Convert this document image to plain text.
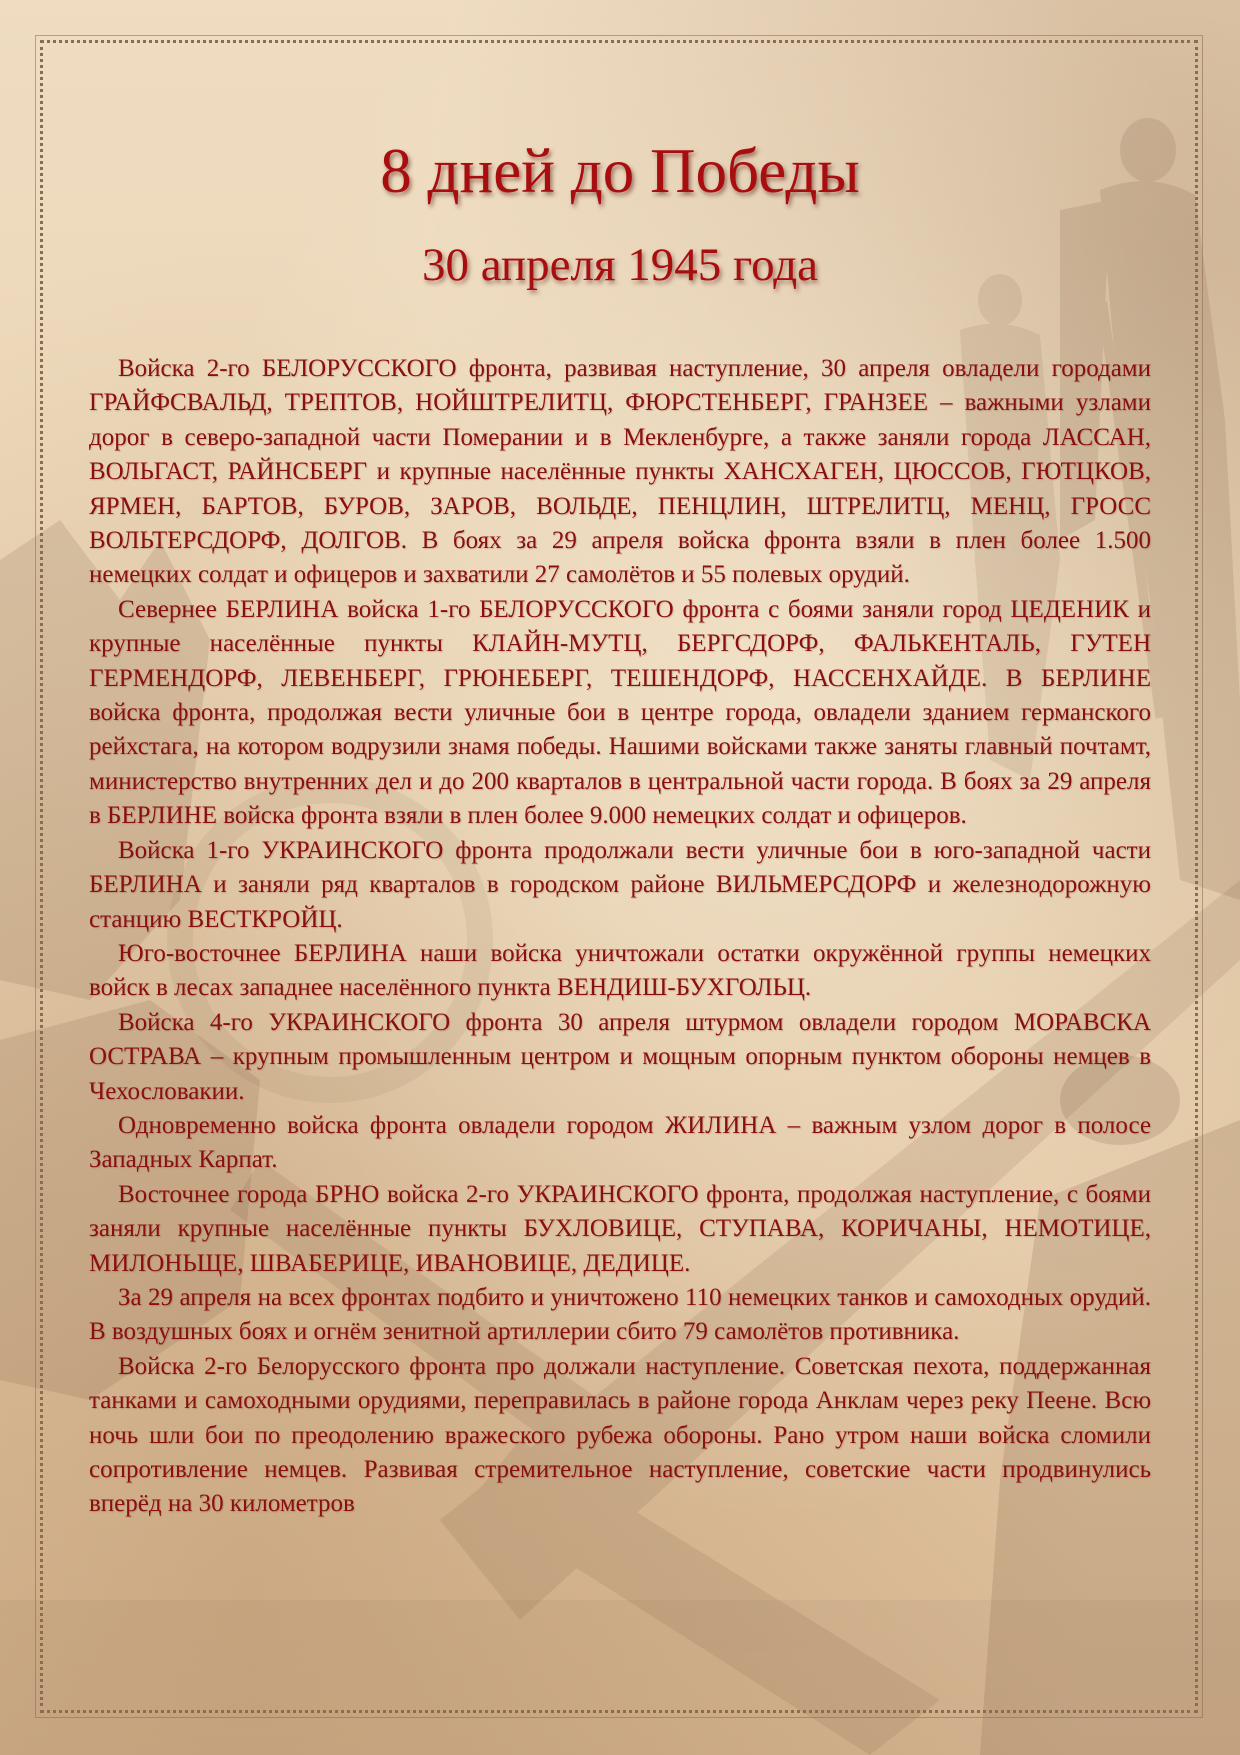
8 дней до Победы
30 апреля 1945 года

Войска 2-го БЕЛОРУССКОГО фронта, развивая наступление, 30 апреля овладели городами ГРАЙФСВАЛЬД, ТРЕПТОВ, НОЙШТРЕЛИТЦ, ФЮРСТЕНБЕРГ, ГРАНЗЕЕ – важными узлами дорог в северо-западной части Померании и в Мекленбурге, а также заняли города ЛАССАН, ВОЛЬГАСТ, РАЙНСБЕРГ и крупные населённые пункты ХАНСХАГЕН, ЦЮССОВ, ГЮТЦКОВ, ЯРМЕН, БАРТОВ, БУРОВ, ЗАРОВ, ВОЛЬДЕ, ПЕНЦЛИН, ШТРЕЛИТЦ, МЕНЦ, ГРОСС ВОЛЬТЕРСДОРФ, ДОЛГОВ. В боях за 29 апреля войска фронта взяли в плен более 1.500 немецких солдат и офицеров и захватили 27 самолётов и 55 полевых орудий.

Севернее БЕРЛИНА войска 1-го БЕЛОРУССКОГО фронта с боями заняли город ЦЕДЕНИК и крупные населённые пункты КЛАЙН-МУТЦ, БЕРГСДОРФ, ФАЛЬКЕНТАЛЬ, ГУТЕН ГЕРМЕНДОРФ, ЛЕВЕНБЕРГ, ГРЮНЕБЕРГ, ТЕШЕНДОРФ, НАССЕНХАЙДЕ. В БЕРЛИНЕ войска фронта, продолжая вести уличные бои в центре города, овладели зданием германского рейхстага, на котором водрузили знамя победы. Нашими войсками также заняты главный почтамт, министерство внутренних дел и до 200 кварталов в центральной части города. В боях за 29 апреля в БЕРЛИНЕ войска фронта взяли в плен более 9.000 немецких солдат и офицеров.

Войска 1-го УКРАИНСКОГО фронта продолжали вести уличные бои в юго-западной части БЕРЛИНА и заняли ряд кварталов в городском районе ВИЛЬМЕРСДОРФ и железнодорожную станцию ВЕСТКРОЙЦ.

Юго-восточнее БЕРЛИНА наши войска уничтожали остатки окружённой группы немецких войск в лесах западнее населённого пункта ВЕНДИШ-БУХГОЛЬЦ.

Войска 4-го УКРАИНСКОГО фронта 30 апреля штурмом овладели городом МОРАВСКА ОСТРАВА – крупным промышленным центром и мощным опорным пунктом обороны немцев в Чехословакии.

Одновременно войска фронта овладели городом ЖИЛИНА – важным узлом дорог в полосе Западных Карпат.

Восточнее города БРНО войска 2-го УКРАИНСКОГО фронта, продолжая наступление, с боями заняли крупные населённые пункты БУХЛОВИЦЕ, СТУПАВА, КОРИЧАНЫ, НЕМОТИЦЕ, МИЛОНЬЩЕ, ШВАБЕРИЦЕ, ИВАНОВИЦЕ, ДЕДИЦЕ.

За 29 апреля на всех фронтах подбито и уничтожено 110 немецких танков и самоходных орудий. В воздушных боях и огнём зенитной артиллерии сбито 79 самолётов противника.

Войска 2-го Белорусского фронта про должали наступление. Советская пехота, поддержанная танками и самоходными орудиями, переправилась в районе города Анклам через реку Пеене. Всю ночь шли бои по преодолению вражеского рубежа обороны. Рано утром наши войска сломили сопротивление немцев. Развивая стремительное наступление, советские части продвинулись вперёд на 30 километров
